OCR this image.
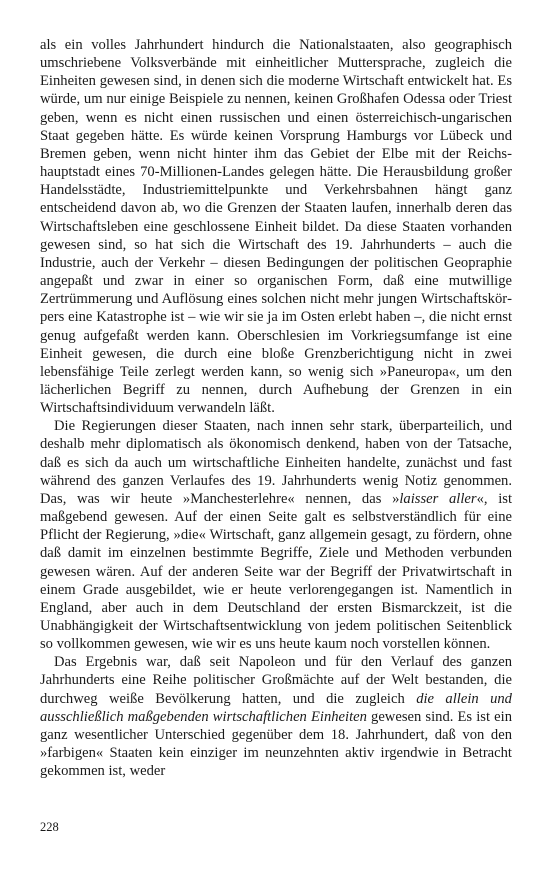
als ein volles Jahrhundert hindurch die Nationalstaaten, also geographisch umschriebene Volksverbände mit einheitlicher Muttersprache, zugleich die Einheiten gewesen sind, in denen sich die moderne Wirtschaft entwickelt hat. Es würde, um nur einige Beispiele zu nennen, keinen Großhafen Odessa oder Triest geben, wenn es nicht einen russischen und einen österreichisch-ungarischen Staat gegeben hätte. Es würde keinen Vorsprung Hamburgs vor Lübeck und Bremen geben, wenn nicht hinter ihm das Gebiet der Elbe mit der Reichshauptstadt eines 70-Millionen-Landes gelegen hätte. Die Herausbildung großer Handelsstädte, Industriemittelpunkte und Verkehrsbahnen hängt ganz entscheidend davon ab, wo die Grenzen der Staaten laufen, innerhalb deren das Wirtschaftsleben eine geschlossene Einheit bildet. Da diese Staaten vorhanden gewesen sind, so hat sich die Wirtschaft des 19. Jahrhunderts – auch die Industrie, auch der Verkehr – diesen Bedingungen der politischen Geopraphie angepaßt und zwar in einer so organischen Form, daß eine mutwillige Zertrümmerung und Auflösung eines solchen nicht mehr jungen Wirtschaftskörpers eine Katastrophe ist – wie wir sie ja im Osten erlebt haben –, die nicht ernst genug aufgefaßt werden kann. Oberschlesien im Vorkriegsumfange ist eine Einheit gewesen, die durch eine bloße Grenzberichtigung nicht in zwei lebensfähige Teile zerlegt werden kann, so wenig sich »Paneuropa«, um den lächerlichen Begriff zu nennen, durch Aufhebung der Grenzen in ein Wirtschaftsindividuum verwandeln läßt.

Die Regierungen dieser Staaten, nach innen sehr stark, überparteilich, und deshalb mehr diplomatisch als ökonomisch denkend, haben von der Tatsache, daß es sich da auch um wirtschaftliche Einheiten handelte, zunächst und fast während des ganzen Verlaufes des 19. Jahrhunderts wenig Notiz genommen. Das, was wir heute »Manchesterlehre« nennen, das »laisser aller«, ist maßgebend gewesen. Auf der einen Seite galt es selbstverständlich für eine Pflicht der Regierung, »die« Wirtschaft, ganz allgemein gesagt, zu fördern, ohne daß damit im einzelnen bestimmte Begriffe, Ziele und Methoden verbunden gewesen wären. Auf der anderen Seite war der Begriff der Privatwirtschaft in einem Grade ausgebildet, wie er heute verlorengegangen ist. Namentlich in England, aber auch in dem Deutschland der ersten Bismarckzeit, ist die Unabhängigkeit der Wirtschaftsentwicklung von jedem politischen Seitenblick so vollkommen gewesen, wie wir es uns heute kaum noch vorstellen können.

Das Ergebnis war, daß seit Napoleon und für den Verlauf des ganzen Jahrhunderts eine Reihe politischer Großmächte auf der Welt bestanden, die durchweg weiße Bevölkerung hatten, und die zugleich die allein und ausschließlich maßgebenden wirtschaftlichen Einheiten gewesen sind. Es ist ein ganz wesentlicher Unterschied gegenüber dem 18. Jahrhundert, daß von den »farbigen« Staaten kein einziger im neunzehnten aktiv irgendwie in Betracht gekommen ist, weder

228
